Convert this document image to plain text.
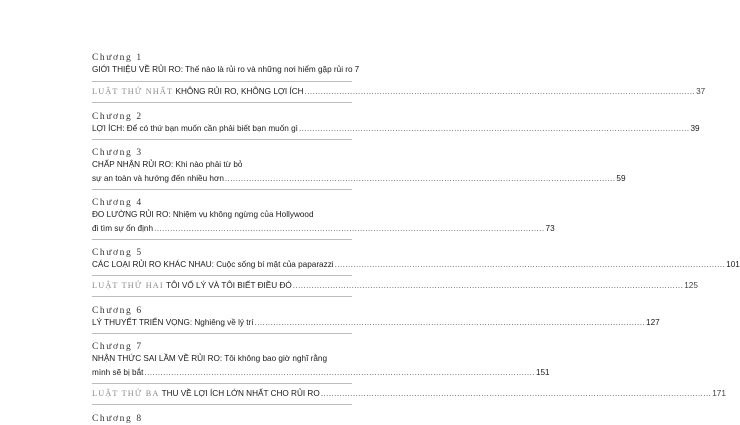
Chương 1
GIỚI THIỆU VỀ RỦI RO: Thế nào là rủi ro và những nơi hiểm gặp rủi ro 7
LUẬT THỨ NHẤT KHÔNG RỦI RO, KHÔNG LỢI ÍCH .....	37
Chương 2
LỢI ÍCH: Để có thứ bạn muốn cần phải biết bạn muốn gì .....	39
Chương 3
CHẤP NHẬN RỦI RO: Khi nào phải từ bỏ
sự an toàn và hướng đến nhiều hơn .....	59
Chương 4
ĐO LƯỜNG RỦI RO: Nhiệm vụ không ngừng của Hollywood
đi tìm sự ổn định .....	73
Chương 5
CÁC LOẠI RỦI RO KHÁC NHAU: Cuộc sống bí mật của paparazzi .....	101
LUẬT THỨ HAI TÔI VỐ LÝ VÀ TÔI BIẾT ĐIỀU ĐÓ .....	125
Chương 6
LÝ THUYẾT TRIỂN VỌNG: Nghiêng về lý trí .....	127
Chương 7
NHẬN THỨC SAI LẦM VỀ RỦI RO: Tôi không bao giờ nghĩ rằng
mình sẽ bị bắt .....	151
LUẬT THỨ BA THU VỀ LỢI ÍCH LỚN NHẤT CHO RỦI RO .....	171
Chương 8
